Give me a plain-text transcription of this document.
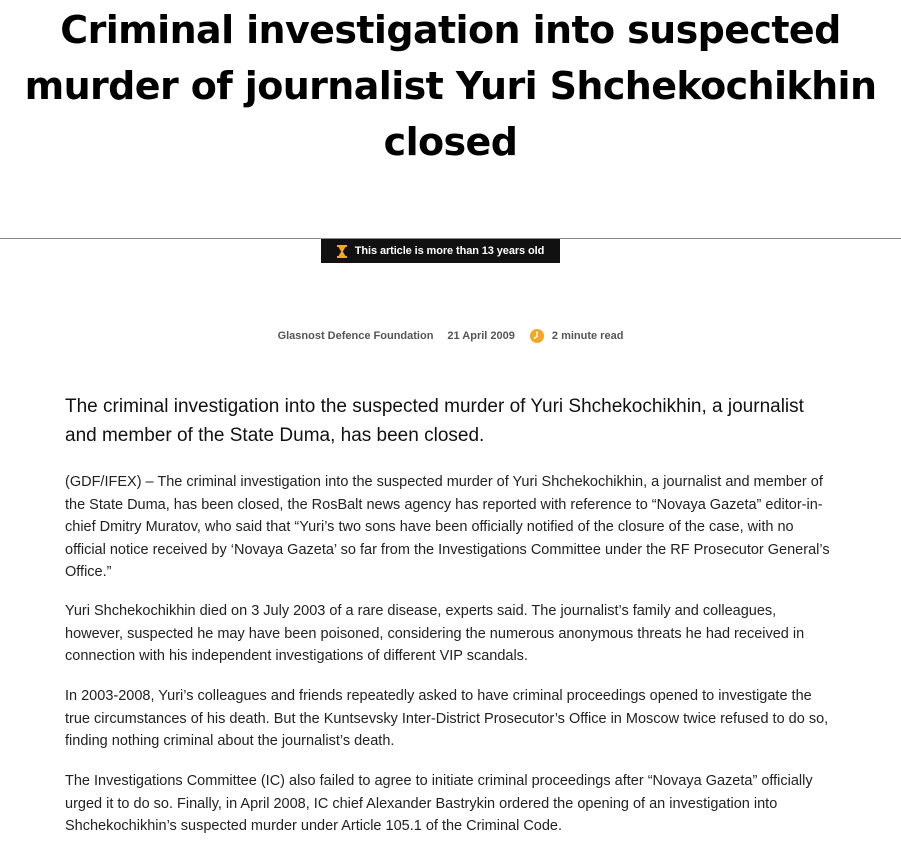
Criminal investigation into suspected murder of journalist Yuri Shchekochikhin closed
This article is more than 13 years old
Glasnost Defence Foundation 21 April 2009	2 minute read

The criminal investigation into the suspected murder of Yuri Shchekochikhin, a journalist and member of the State Duma, has been closed.

(GDF/IFEX) – The criminal investigation into the suspected murder of Yuri Shchekochikhin, a journalist and member of the State Duma, has been closed, the RosBalt news agency has reported with reference to “Novaya Gazeta” editor-in-chief Dmitry Muratov, who said that “Yuri’s two sons have been officially notified of the closure of the case, with no official notice received by ‘Novaya Gazeta’ so far from the Investigations Committee under the RF Prosecutor General’s Office.”

Yuri Shchekochikhin died on 3 July 2003 of a rare disease, experts said. The journalist’s family and colleagues, however, suspected he may have been poisoned, considering the numerous anonymous threats he had received in connection with his independent investigations of different VIP scandals.

In 2003-2008, Yuri’s colleagues and friends repeatedly asked to have criminal proceedings opened to investigate the true circumstances of his death. But the Kuntsevsky Inter-District Prosecutor’s Office in Moscow twice refused to do so, finding nothing criminal about the journalist’s death.

The Investigations Committee (IC) also failed to agree to initiate criminal proceedings after “Novaya Gazeta” officially urged it to do so. Finally, in April 2008, IC chief Alexander Bastrykin ordered the opening of an investigation into Shchekochikhin’s suspected murder under Article 105.1 of the Criminal Code.
